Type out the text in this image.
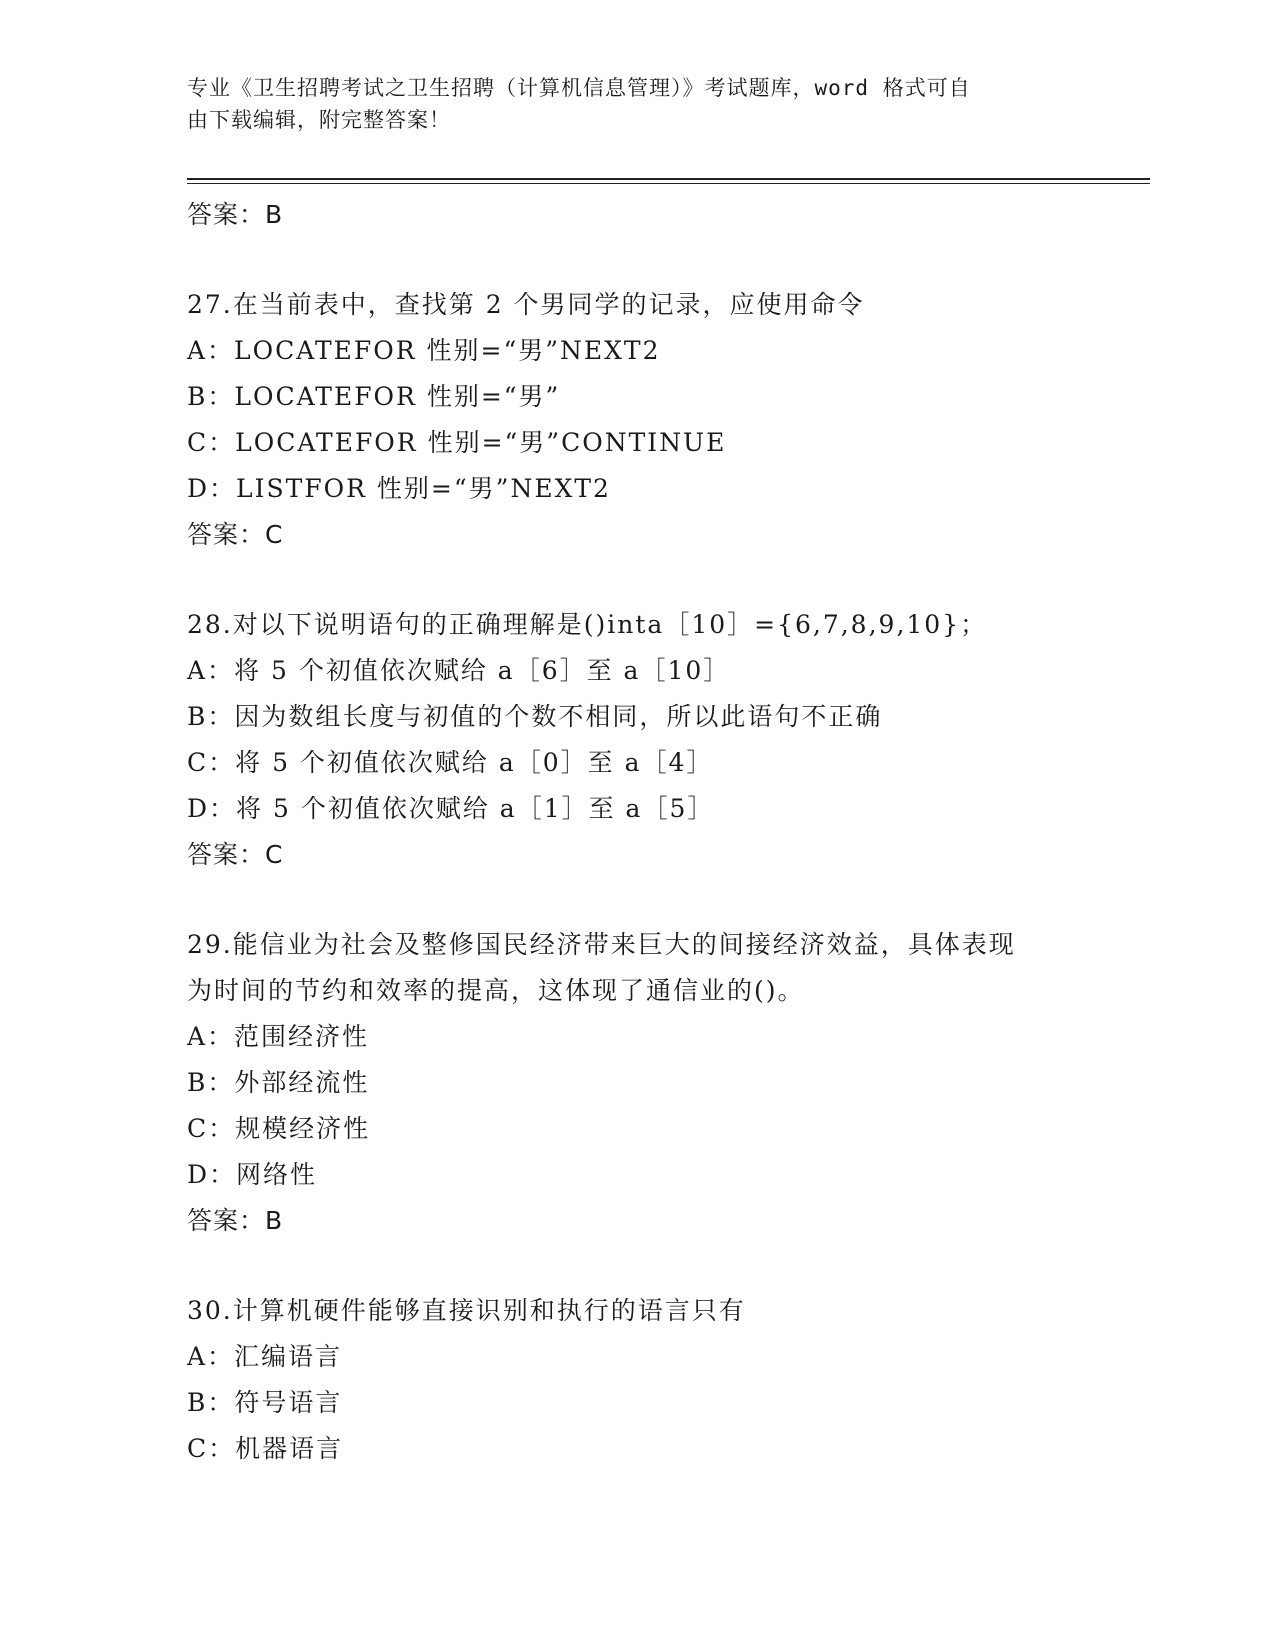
专业《卫生招聘考试之卫生招聘（计算机信息管理）》考试题库，word 格式可自
由下载编辑，附完整答案！
答案：B
27.在当前表中，查找第 2 个男同学的记录，应使用命令
A：LOCATEFOR 性别=“男”NEXT2
B：LOCATEFOR 性别=“男”
C：LOCATEFOR 性别=“男”CONTINUE
D：LISTFOR 性别=“男”NEXT2
答案：C
28.对以下说明语句的正确理解是()inta［10］={6,7,8,9,10}；
A：将 5 个初值依次赋给 a［6］至 a［10］
B：因为数组长度与初值的个数不相同，所以此语句不正确
C：将 5 个初值依次赋给 a［0］至 a［4］
D：将 5 个初值依次赋给 a［1］至 a［5］
答案：C
29.能信业为社会及整修国民经济带来巨大的间接经济效益，具体表现
为时间的节约和效率的提高，这体现了通信业的()。
A：范围经济性
B：外部经流性
C：规模经济性
D：网络性
答案：B
30.计算机硬件能够直接识别和执行的语言只有
A：汇编语言
B：符号语言
C：机器语言
